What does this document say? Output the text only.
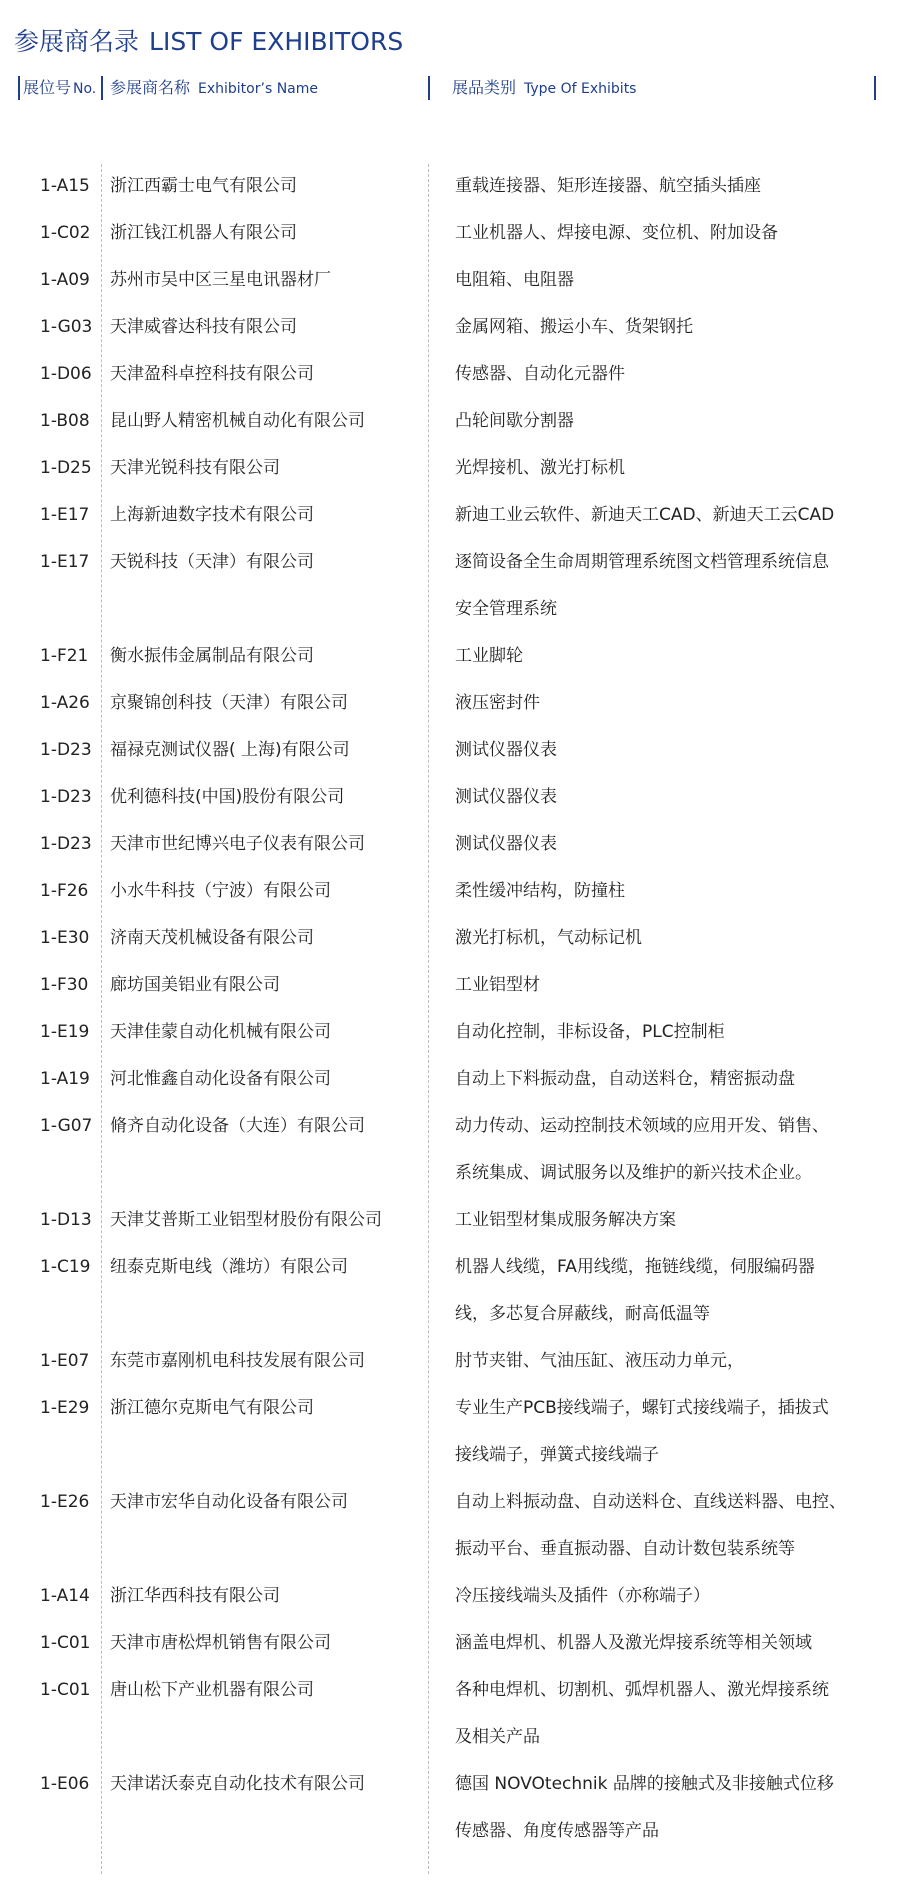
参展商名录 LIST OF EXHIBITORS
展位号 No. 参展商名称 Exhibitor’s Name	展品类别 Type Of Exhibits
1-A15 浙江西霸士电气有限公司	重载连接器、矩形连接器、航空插头插座
1-C02 浙江钱江机器人有限公司	工业机器人、焊接电源、变位机、附加设备
1-A09 苏州市吴中区三星电讯器材厂	电阻箱、电阻器
1-G03 天津威睿达科技有限公司	金属网箱、搬运小车、货架钢托
1-D06 天津盈科卓控科技有限公司	传感器、自动化元器件
1-B08 昆山野人精密机械自动化有限公司	凸轮间歇分割器
1-D25 天津光锐科技有限公司	光焊接机、激光打标机
1-E17 上海新迪数字技术有限公司	新迪工业云软件、新迪天工CAD、新迪天工云CAD
1-E17 天锐科技（天津）有限公司	逐简设备全生命周期管理系统图文档管理系统信息
安全管理系统
1-F21 衡水振伟金属制品有限公司	工业脚轮
1-A26 京聚锦创科技（天津）有限公司	液压密封件
1-D23 福禄克测试仪器( 上海)有限公司	测试仪器仪表
1-D23 优利德科技(中国)股份有限公司	测试仪器仪表
1-D23 天津市世纪博兴电子仪表有限公司	测试仪器仪表
1-F26 小水牛科技（宁波）有限公司	柔性缓冲结构，防撞柱
1-E30 济南天茂机械设备有限公司	激光打标机，气动标记机
1-F30 廊坊国美铝业有限公司	工业铝型材
1-E19 天津佳蒙自动化机械有限公司	自动化控制，非标设备，PLC控制柜
1-A19 河北惟鑫自动化设备有限公司	自动上下料振动盘，自动送料仓，精密振动盘
1-G07 脩齐自动化设备（大连）有限公司	动力传动、运动控制技术领域的应用开发、销售、
系统集成、调试服务以及维护的新兴技术企业。
1-D13 天津艾普斯工业铝型材股份有限公司	工业铝型材集成服务解决方案
1-C19 纽泰克斯电线（潍坊）有限公司	机器人线缆，FA用线缆，拖链线缆，伺服编码器
线，多芯复合屏蔽线，耐高低温等
1-E07 东莞市嘉刚机电科技发展有限公司	肘节夹钳、气油压缸、液压动力单元，
1-E29 浙江德尔克斯电气有限公司	专业生产PCB接线端子，螺钉式接线端子，插拔式
接线端子，弹簧式接线端子
1-E26 天津市宏华自动化设备有限公司	自动上料振动盘、自动送料仓、直线送料器、电控、
振动平台、垂直振动器、自动计数包装系统等
1-A14 浙江华西科技有限公司	冷压接线端头及插件（亦称端子）
1-C01 天津市唐松焊机销售有限公司	涵盖电焊机、机器人及激光焊接系统等相关领域
1-C01 唐山松下产业机器有限公司	各种电焊机、切割机、弧焊机器人、激光焊接系统
及相关产品
1-E06 天津诺沃泰克自动化技术有限公司	德国 NOVOtechnik 品牌的接触式及非接触式位移
传感器、角度传感器等产品
